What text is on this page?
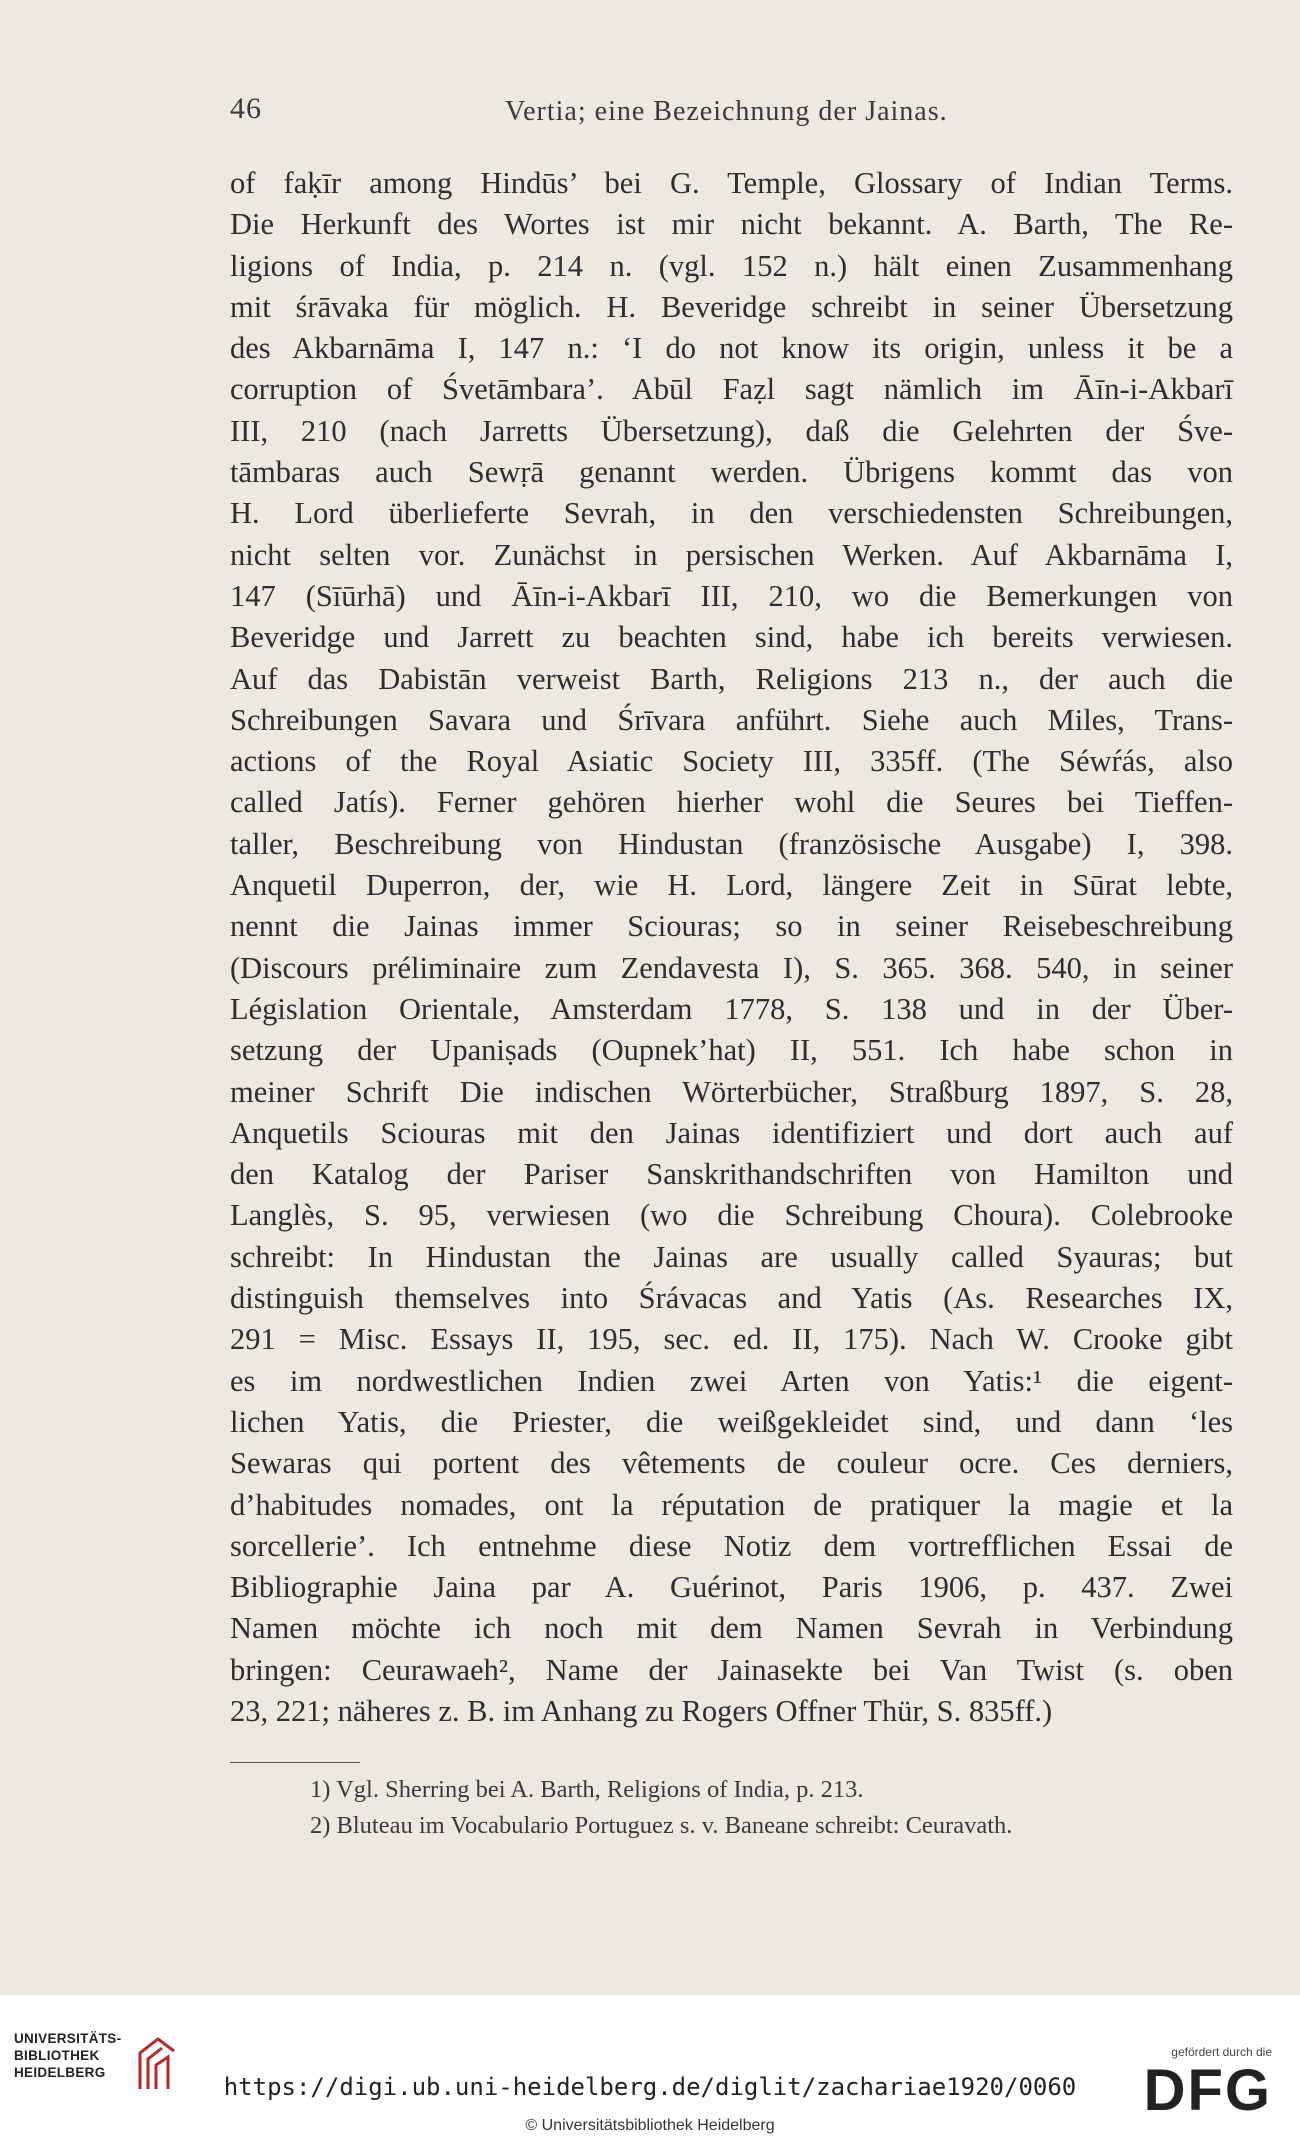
46	Vertia; eine Bezeichnung der Jainas.
of faḳīr among Hindūs’ bei G. Temple, Glossary of Indian Terms.
Die Herkunft des Wortes ist mir nicht bekannt. A. Barth, The Re-
ligions of India, p. 214 n. (vgl. 152 n.) hält einen Zusammenhang
mit śrāvaka für möglich. H. Beveridge schreibt in seiner Übersetzung
des Akbarnāma I, 147 n.: ‘I do not know its origin, unless it be a
corruption of Śvetāmbara’. Abūl Faẓl sagt nämlich im Āīn-i-Akbarī
III, 210 (nach Jarretts Übersetzung), daß die Gelehrten der Śve-
tāmbaras auch Sewṛā genannt werden. Übrigens kommt das von
H. Lord überlieferte Sevrah, in den verschiedensten Schreibungen,
nicht selten vor. Zunächst in persischen Werken. Auf Akbarnāma I,
147 (Sīūrhā) und Āīn-i-Akbarī III, 210, wo die Bemerkungen von
Beveridge und Jarrett zu beachten sind, habe ich bereits verwiesen.
Auf das Dabistān verweist Barth, Religions 213 n., der auch die
Schreibungen Savara und Śrīvara anführt. Siehe auch Miles, Trans-
actions of the Royal Asiatic Society III, 335ff. (The Séwŕás, also
called Jatís). Ferner gehören hierher wohl die Seures bei Tieffen-
taller, Beschreibung von Hindustan (französische Ausgabe) I, 398.
Anquetil Duperron, der, wie H. Lord, längere Zeit in Sūrat lebte,
nennt die Jainas immer Sciouras; so in seiner Reisebeschreibung
(Discours préliminaire zum Zendavesta I), S. 365. 368. 540, in seiner
Législation Orientale, Amsterdam 1778, S. 138 und in der Über-
setzung der Upaniṣads (Oupnek’hat) II, 551. Ich habe schon in
meiner Schrift Die indischen Wörterbücher, Straßburg 1897, S. 28,
Anquetils Sciouras mit den Jainas identifiziert und dort auch auf
den Katalog der Pariser Sanskrithandschriften von Hamilton und
Langlès, S. 95, verwiesen (wo die Schreibung Choura). Colebrooke
schreibt: In Hindustan the Jainas are usually called Syauras; but
distinguish themselves into Śrávacas and Yatis (As. Researches IX,
291 = Misc. Essays II, 195, sec. ed. II, 175). Nach W. Crooke gibt
es im nordwestlichen Indien zwei Arten von Yatis:¹ die eigent-
lichen Yatis, die Priester, die weißgekleidet sind, und dann ‘les
Sewaras qui portent des vêtements de couleur ocre. Ces derniers,
d’habitudes nomades, ont la réputation de pratiquer la magie et la
sorcellerie’. Ich entnehme diese Notiz dem vortrefflichen Essai de
Bibliographie Jaina par A. Guérinot, Paris 1906, p. 437. Zwei
Namen möchte ich noch mit dem Namen Sevrah in Verbindung
bringen: Ceurawaeh², Name der Jainasekte bei Van Twist (s. oben
23, 221; näheres z. B. im Anhang zu Rogers Offner Thür, S. 835ff.)
1) Vgl. Sherring bei A. Barth, Religions of India, p. 213.
2) Bluteau im Vocabulario Portuguez s. v. Baneane schreibt: Ceuravath.
UNIVERSITÄTS-
BIBLIOTHEK
HEIDELBERG
https://digi.ub.uni-heidelberg.de/diglit/zachariae1920/0060
© Universitätsbibliothek Heidelberg
gefördert durch die
DFG
